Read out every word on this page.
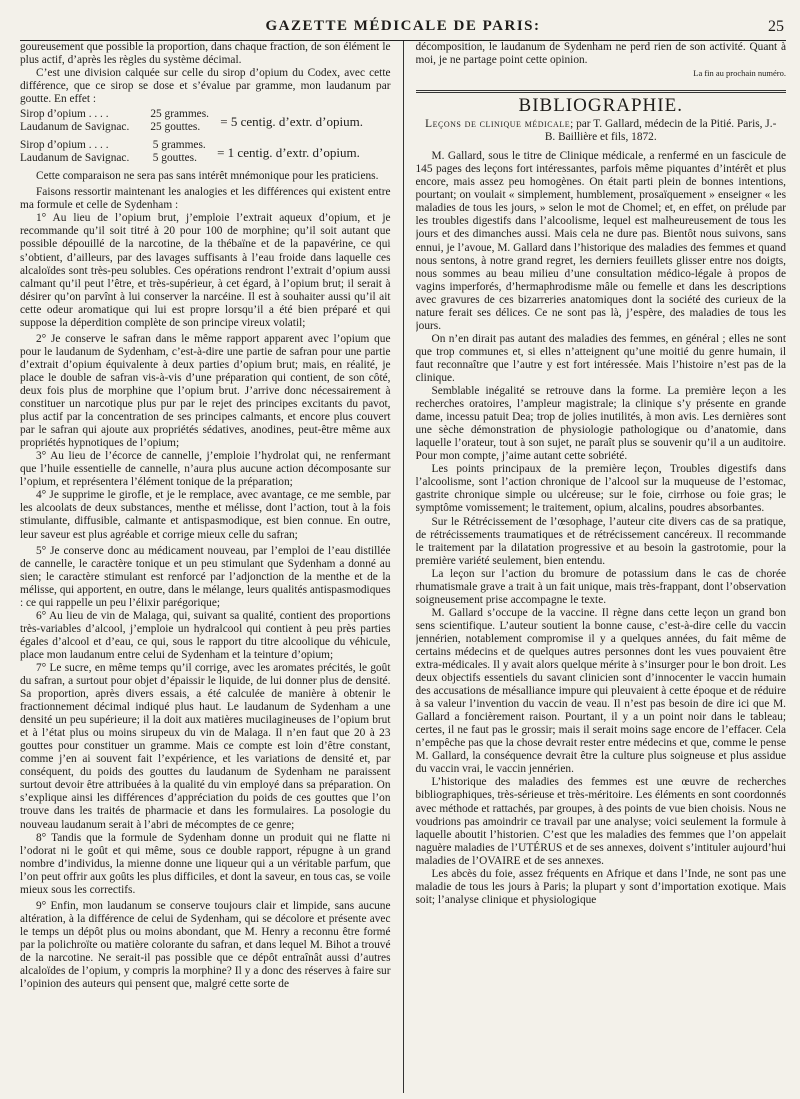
GAZETTE MÉDICALE DE PARIS:	25

goureusement que possible la proportion, dans chaque fraction, de son élément le plus actif, d’après les règles du système décimal.

C’est une division calquée sur celle du sirop d’opium du Codex, avec cette différence, que ce sirop se dose et s’évalue par gramme, mon laudanum par goutte. En effet :

Sirop d’opium . . . .	25 grammes.	= 5 centig. d’extr. d’opium.
Laudanum de Savignac.	25 gouttes.	
Sirop d’opium . . . .	5 grammes.	= 1 centig. d’extr. d’opium.
Laudanum de Savignac.	5 gouttes.	

Cette comparaison ne sera pas sans intérêt mnémonique pour les praticiens.

Faisons ressortir maintenant les analogies et les différences qui existent entre ma formule et celle de Sydenham :

1° Au lieu de l’opium brut, j’emploie l’extrait aqueux d’opium, et je recommande qu’il soit titré à 20 pour 100 de morphine; qu’il soit autant que possible dépouillé de la narcotine, de la thébaïne et de la papavérine, ce qui s’obtient, d’ailleurs, par des lavages suffisants à l’eau froide dans laquelle ces alcaloïdes sont très-peu solubles. Ces opérations rendront l’extrait d’opium aussi calmant qu’il peut l’être, et très-supérieur, à cet égard, à l’opium brut; il serait à désirer qu’on parvînt à lui conserver la narcéine. Il est à souhaiter aussi qu’il ait cette odeur aromatique qui lui est propre lorsqu’il a été bien préparé et qui suppose la déperdition complète de son principe vireux volatil;

2° Je conserve le safran dans le même rapport apparent avec l’opium que pour le laudanum de Sydenham, c’est-à-dire une partie de safran pour une partie d’extrait d’opium équivalente à deux parties d’opium brut; mais, en réalité, je place le double de safran vis-à-vis d’une préparation qui contient, de son côté, deux fois plus de morphine que l’opium brut. J’arrive donc nécessairement à constituer un narcotique plus pur par le rejet des principes excitants du pavot, plus actif par la concentration de ses principes calmants, et encore plus couvert par le safran qui ajoute aux propriétés sédatives, anodines, peut-être même aux propriétés hypnotiques de l’opium;

3° Au lieu de l’écorce de cannelle, j’emploie l’hydrolat qui, ne renfermant que l’huile essentielle de cannelle, n’aura plus aucune action décomposante sur l’opium, et représentera l’élément tonique de la préparation;

4° Je supprime le girofle, et je le remplace, avec avantage, ce me semble, par les alcoolats de deux substances, menthe et mélisse, dont l’action, tout à la fois stimulante, diffusible, calmante et antispasmodique, est bien connue. En outre, leur saveur est plus agréable et corrige mieux celle du safran;

5° Je conserve donc au médicament nouveau, par l’emploi de l’eau distillée de cannelle, le caractère tonique et un peu stimulant que Sydenham a donné au sien; le caractère stimulant est renforcé par l’adjonction de la menthe et de la mélisse, qui apportent, en outre, dans le mélange, leurs qualités antispasmodiques : ce qui rappelle un peu l’élixir parégorique;

6° Au lieu de vin de Malaga, qui, suivant sa qualité, contient des proportions très-variables d’alcool, j’emploie un hydralcool qui contient à peu près parties égales d’alcool et d’eau, ce qui, sous le rapport du titre alcoolique du véhicule, place mon laudanum entre celui de Sydenham et la teinture d’opium;

7° Le sucre, en même temps qu’il corrige, avec les aromates précités, le goût du safran, a surtout pour objet d’épaissir le liquide, de lui donner plus de densité. Sa proportion, après divers essais, a été calculée de manière à obtenir le fractionnement décimal indiqué plus haut. Le laudanum de Sydenham a une densité un peu supérieure; il la doit aux matières mucilagineuses de l’opium brut et à l’état plus ou moins sirupeux du vin de Malaga. Il n’en faut que 20 à 23 gouttes pour constituer un gramme. Mais ce compte est loin d’être constant, comme j’en ai souvent fait l’expérience, et les variations de densité et, par conséquent, du poids des gouttes du laudanum de Sydenham ne paraissent surtout devoir être attribuées à la qualité du vin employé dans sa préparation. On s’explique ainsi les différences d’appréciation du poids de ces gouttes que l’on trouve dans les traités de pharmacie et dans les formulaires. La posologie du nouveau laudanum serait à l’abri de mécomptes de ce genre;

8° Tandis que la formule de Sydenham donne un produit qui ne flatte ni l’odorat ni le goût et qui même, sous ce double rapport, répugne à un grand nombre d’individus, la mienne donne une liqueur qui a un véritable parfum, que l’on peut offrir aux goûts les plus difficiles, et dont la saveur, en tous cas, se voile mieux sous les correctifs.

9° Enfin, mon laudanum se conserve toujours clair et limpide, sans aucune altération, à la différence de celui de Sydenham, qui se décolore et présente avec le temps un dépôt plus ou moins abondant, que M. Henry a reconnu être formé par la polichroïte ou matière colorante du safran, et dans lequel M. Bihot a trouvé de la narcotine. Ne serait-il pas possible que ce dépôt entraînât aussi d’autres alcaloïdes de l’opium, y compris la morphine? Il y a donc des réserves à faire sur l’opinion des auteurs qui pensent que, malgré cette sorte de

décomposition, le laudanum de Sydenham ne perd rien de son activité. Quant à moi, je ne partage point cette opinion.

La fin au prochain numéro.

BIBLIOGRAPHIE.
Leçons de clinique médicale; par T. Gallard, médecin de la Pitié. Paris, J.-B. Baillière et fils, 1872.

M. Gallard, sous le titre de Clinique médicale, a renfermé en un fascicule de 145 pages des leçons fort intéressantes, parfois même piquantes d’intérêt et plus encore, mais assez peu homogènes. On était parti plein de bonnes intentions, pourtant; on voulait « simplement, humblement, prosaïquement » enseigner « les maladies de tous les jours, » selon le mot de Chomel; et, en effet, on prélude par les troubles digestifs dans l’alcoolisme, lequel est malheureusement de tous les jours et des dimanches aussi. Mais cela ne dure pas. Bientôt nous suivons, sans ennui, je l’avoue, M. Gallard dans l’historique des maladies des femmes et quand nous sentons, à notre grand regret, les derniers feuillets glisser entre nos doigts, nous sommes au beau milieu d’une consultation médico-légale à propos de vagins imperforés, d’hermaphrodisme mâle ou femelle et dans les descriptions avec gravures de ces bizarreries anatomiques dont la société des curieux de la nature ferait ses délices. Ce ne sont pas là, j’espère, des maladies de tous les jours.

On n’en dirait pas autant des maladies des femmes, en général ; elles ne sont que trop communes et, si elles n’atteignent qu’une moitié du genre humain, il faut reconnaître que l’autre y est fort intéressée. Mais l’histoire n’est pas de la clinique.

Semblable inégalité se retrouve dans la forme. La première leçon a les recherches oratoires, l’ampleur magistrale; la clinique s’y présente en grande dame, incessu patuit Dea; trop de jolies inutilités, à mon avis. Les dernières sont une sèche démonstration de physiologie pathologique ou d’anatomie, dans laquelle l’orateur, tout à son sujet, ne paraît plus se souvenir qu’il a un auditoire. Pour mon compte, j’aime autant cette sobriété.

Les points principaux de la première leçon, Troubles digestifs dans l’alcoolisme, sont l’action chronique de l’alcool sur la muqueuse de l’estomac, gastrite chronique simple ou ulcéreuse; sur le foie, cirrhose ou foie gras; le symptôme vomissement; le traitement, opium, alcalins, poudres absorbantes.

Sur le Rétrécissement de l’œsophage, l’auteur cite divers cas de sa pratique, de rétrécissements traumatiques et de rétrécissement cancéreux. Il recommande le traitement par la dilatation progressive et au besoin la gastrotomie, pour la première variété seulement, bien entendu.

La leçon sur l’action du bromure de potassium dans le cas de chorée rhumatismale grave a trait à un fait unique, mais très-frappant, dont l’observation soigneusement prise accompagne le texte.

M. Gallard s’occupe de la vaccine. Il règne dans cette leçon un grand bon sens scientifique. L’auteur soutient la bonne cause, c’est-à-dire celle du vaccin jennérien, notablement compromise il y a quelques années, du fait même de certains médecins et de quelques autres personnes dont les vues pouvaient être extra-médicales. Il y avait alors quelque mérite à s’insurger pour le bon droit. Les deux objectifs essentiels du savant clinicien sont d’innocenter le vaccin humain des accusations de mésalliance impure qui pleuvaient à cette époque et de réduire à sa valeur l’invention du vaccin de veau. Il n’est pas besoin de dire ici que M. Gallard a foncièrement raison. Pourtant, il y a un point noir dans le tableau; certes, il ne faut pas le grossir; mais il serait moins sage encore de l’effacer. Cela n’empêche pas que la chose devrait rester entre médecins et que, comme le pense M. Gallard, la conséquence devrait être la culture plus soigneuse et plus assidue du vaccin vrai, le vaccin jennérien.

L’historique des maladies des femmes est une œuvre de recherches bibliographiques, très-sérieuse et très-méritoire. Les éléments en sont coordonnés avec méthode et rattachés, par groupes, à des points de vue bien choisis. Nous ne voudrions pas amoindrir ce travail par une analyse; voici seulement la formule à laquelle aboutit l’historien. C’est que les maladies des femmes que l’on appelait naguère maladies de l’UTÉRUS et de ses annexes, doivent s’intituler aujourd’hui maladies de l’OVAIRE et de ses annexes.

Les abcès du foie, assez fréquents en Afrique et dans l’Inde, ne sont pas une maladie de tous les jours à Paris; la plupart y sont d’importation exotique. Mais soit; l’analyse clinique et physiologique
